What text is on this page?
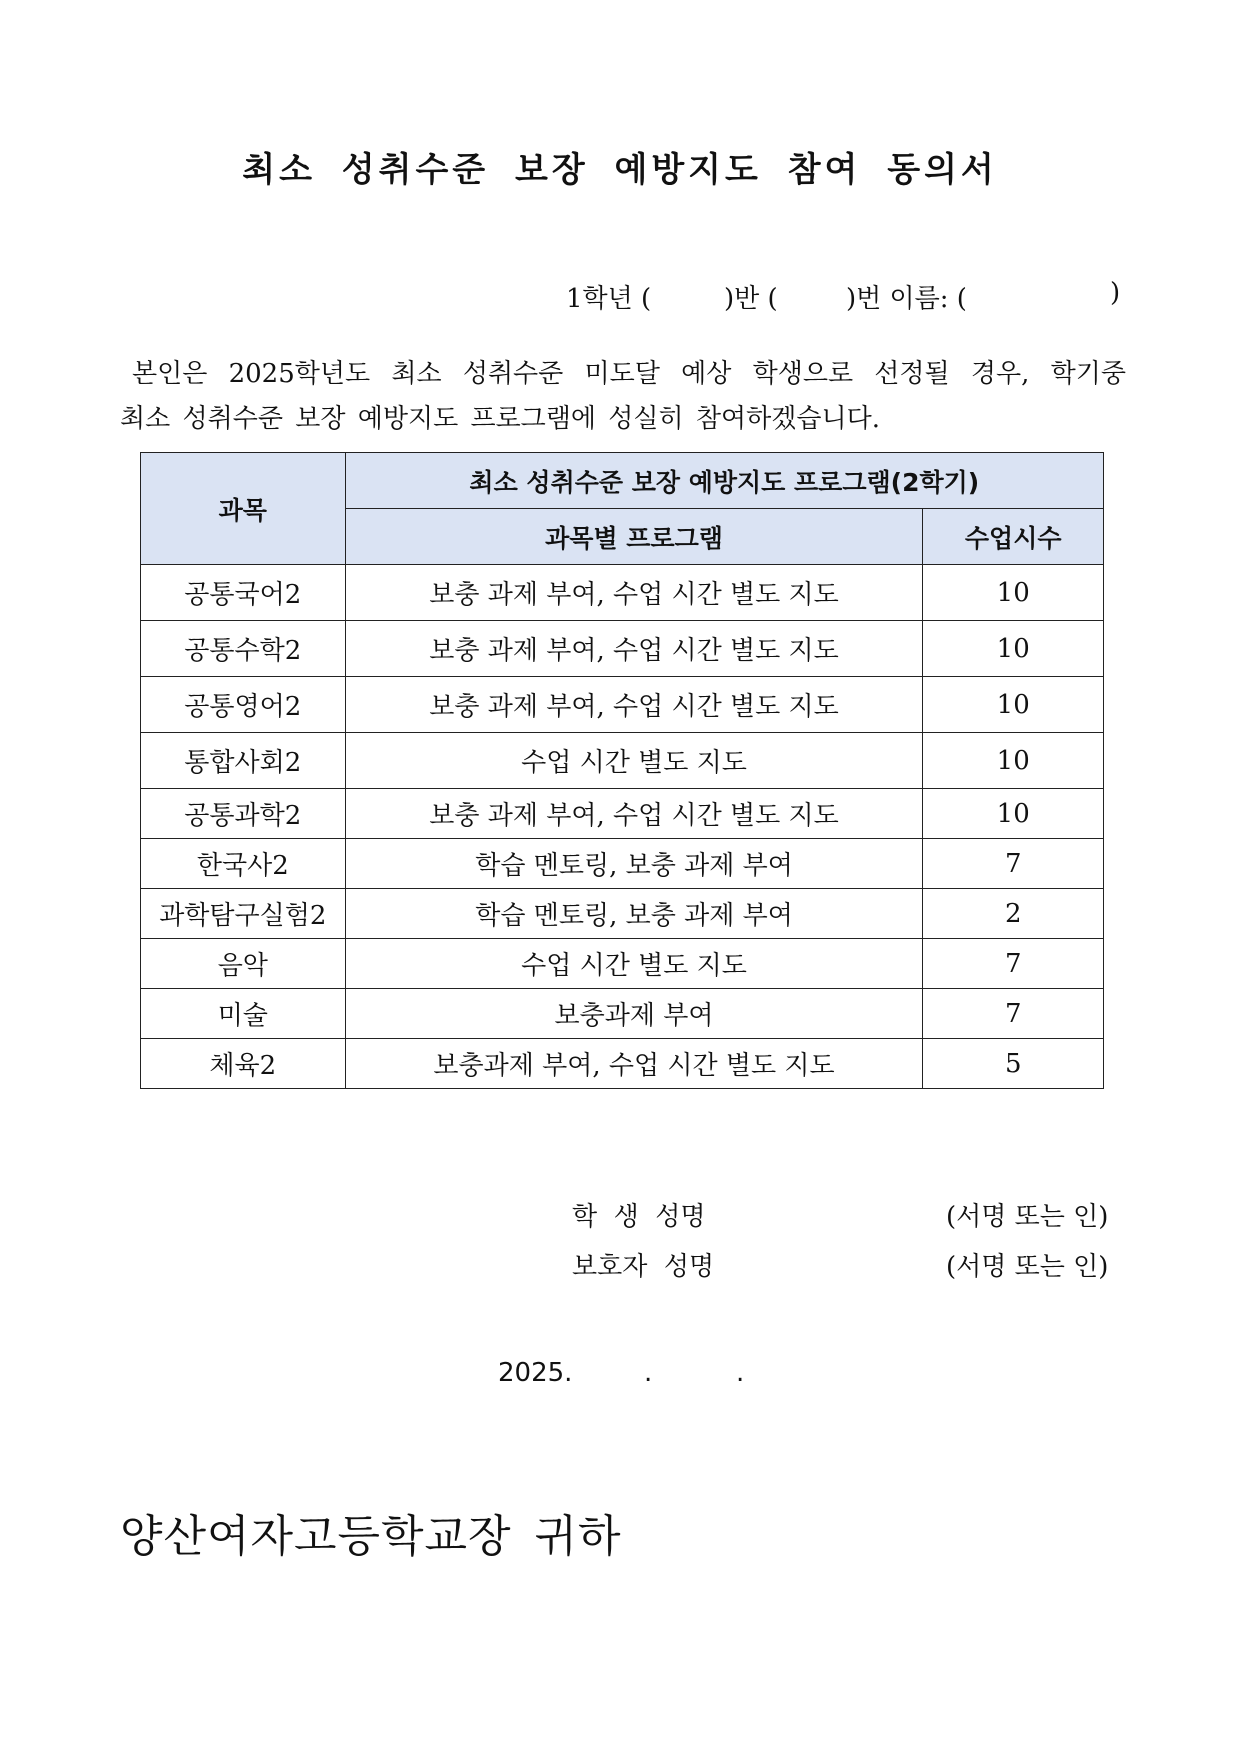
최소 성취수준 보장 예방지도 참여 동의서
1학년 (	)반 (	)번 이름: (	)
본인은 2025학년도 최소 성취수준 미도달 예상 학생으로 선정될 경우, 학기중
최소 성취수준 보장 예방지도 프로그램에 성실히 참여하겠습니다.
과목	최소 성취수준 보장 예방지도 프로그램(2학기)	
	과목별 프로그램	수업시수
공통국어2	보충 과제 부여, 수업 시간 별도 지도	10
공통수학2	보충 과제 부여, 수업 시간 별도 지도	10
공통영어2	보충 과제 부여, 수업 시간 별도 지도	10
통합사회2	수업 시간 별도 지도	10
공통과학2	보충 과제 부여, 수업 시간 별도 지도	10
한국사2	학습 멘토링, 보충 과제 부여	7
과학탐구실험2	학습 멘토링, 보충 과제 부여	2
음악	수업 시간 별도 지도	7
미술	보충과제 부여	7
체육2	보충과제 부여, 수업 시간 별도 지도	5
학  생  성명	(서명 또는 인)
보호자  성명	(서명 또는 인)
2025.	.	.
양산여자고등학교장 귀하
